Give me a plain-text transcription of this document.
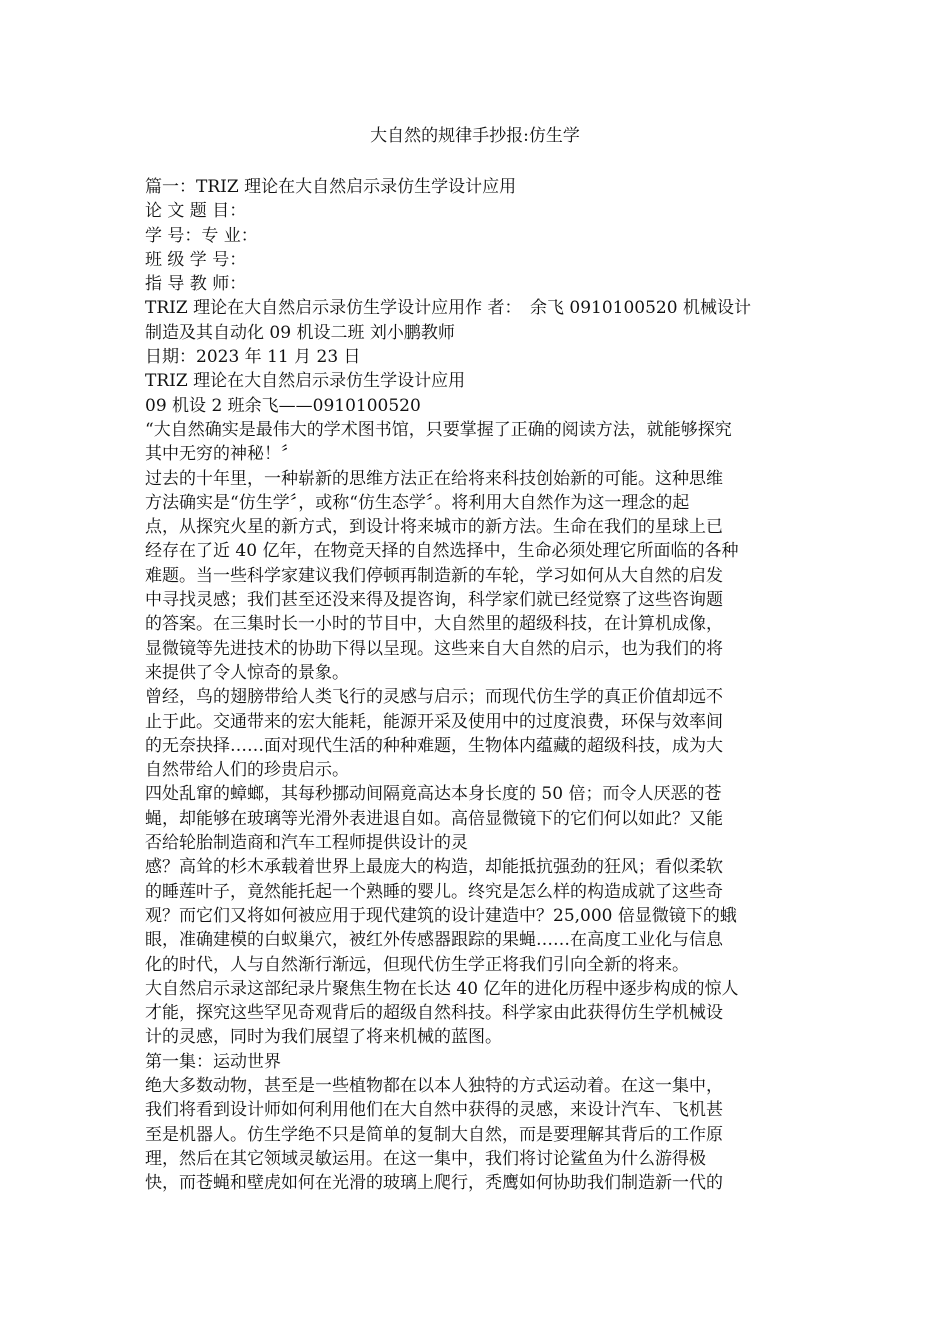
大自然的规律手抄报:仿生学
篇一：TRIZ 理论在大自然启示录仿生学设计应用
论 文 题 目：
学 号：专 业：
班 级 学 号：
指 导 教 师：
TRIZ 理论在大自然启示录仿生学设计应用作 者：　余飞 0910100520 机械设计
制造及其自动化 09 机设二班 刘小鹏教师
日期：2023 年 11 月 23 日
TRIZ 理论在大自然启示录仿生学设计应用
09 机设 2 班余飞——0910100520
“大自然确实是最伟大的学术图书馆，只要掌握了正确的阅读方法，就能够探究
其中无穷的神秘！〞
过去的十年里，一种崭新的思维方法正在给将来科技创始新的可能。这种思维
方法确实是“仿生学〞，或称“仿生态学〞。将利用大自然作为这一理念的起
点，从探究火星的新方式，到设计将来城市的新方法。生命在我们的星球上已
经存在了近 40 亿年，在物竞天择的自然选择中，生命必须处理它所面临的各种
难题。当一些科学家建议我们停顿再制造新的车轮，学习如何从大自然的启发
中寻找灵感；我们甚至还没来得及提咨询，科学家们就已经觉察了这些咨询题
的答案。在三集时长一小时的节目中，大自然里的超级科技，在计算机成像，
显微镜等先进技术的协助下得以呈现。这些来自大自然的启示，也为我们的将
来提供了令人惊奇的景象。
曾经，鸟的翅膀带给人类飞行的灵感与启示；而现代仿生学的真正价值却远不
止于此。交通带来的宏大能耗，能源开采及使用中的过度浪费，环保与效率间
的无奈抉择……面对现代生活的种种难题，生物体内蕴藏的超级科技，成为大
自然带给人们的珍贵启示。
四处乱窜的蟑螂，其每秒挪动间隔竟高达本身长度的 50 倍；而令人厌恶的苍
蝇，却能够在玻璃等光滑外表进退自如。高倍显微镜下的它们何以如此？又能
否给轮胎制造商和汽车工程师提供设计的灵
感？高耸的杉木承载着世界上最庞大的构造，却能抵抗强劲的狂风；看似柔软
的睡莲叶子，竟然能托起一个熟睡的婴儿。终究是怎么样的构造成就了这些奇
观？而它们又将如何被应用于现代建筑的设计建造中？25,000 倍显微镜下的蛾
眼，准确建模的白蚁巢穴，被红外传感器跟踪的果蝇……在高度工业化与信息
化的时代，人与自然渐行渐远，但现代仿生学正将我们引向全新的将来。
大自然启示录这部纪录片聚焦生物在长达 40 亿年的进化历程中逐步构成的惊人
才能，探究这些罕见奇观背后的超级自然科技。科学家由此获得仿生学机械设
计的灵感，同时为我们展望了将来机械的蓝图。
第一集：运动世界
绝大多数动物，甚至是一些植物都在以本人独特的方式运动着。在这一集中，
我们将看到设计师如何利用他们在大自然中获得的灵感，来设计汽车、飞机甚
至是机器人。仿生学绝不只是简单的复制大自然，而是要理解其背后的工作原
理，然后在其它领域灵敏运用。在这一集中，我们将讨论鲨鱼为什么游得极
快，而苍蝇和壁虎如何在光滑的玻璃上爬行，秃鹰如何协助我们制造新一代的
